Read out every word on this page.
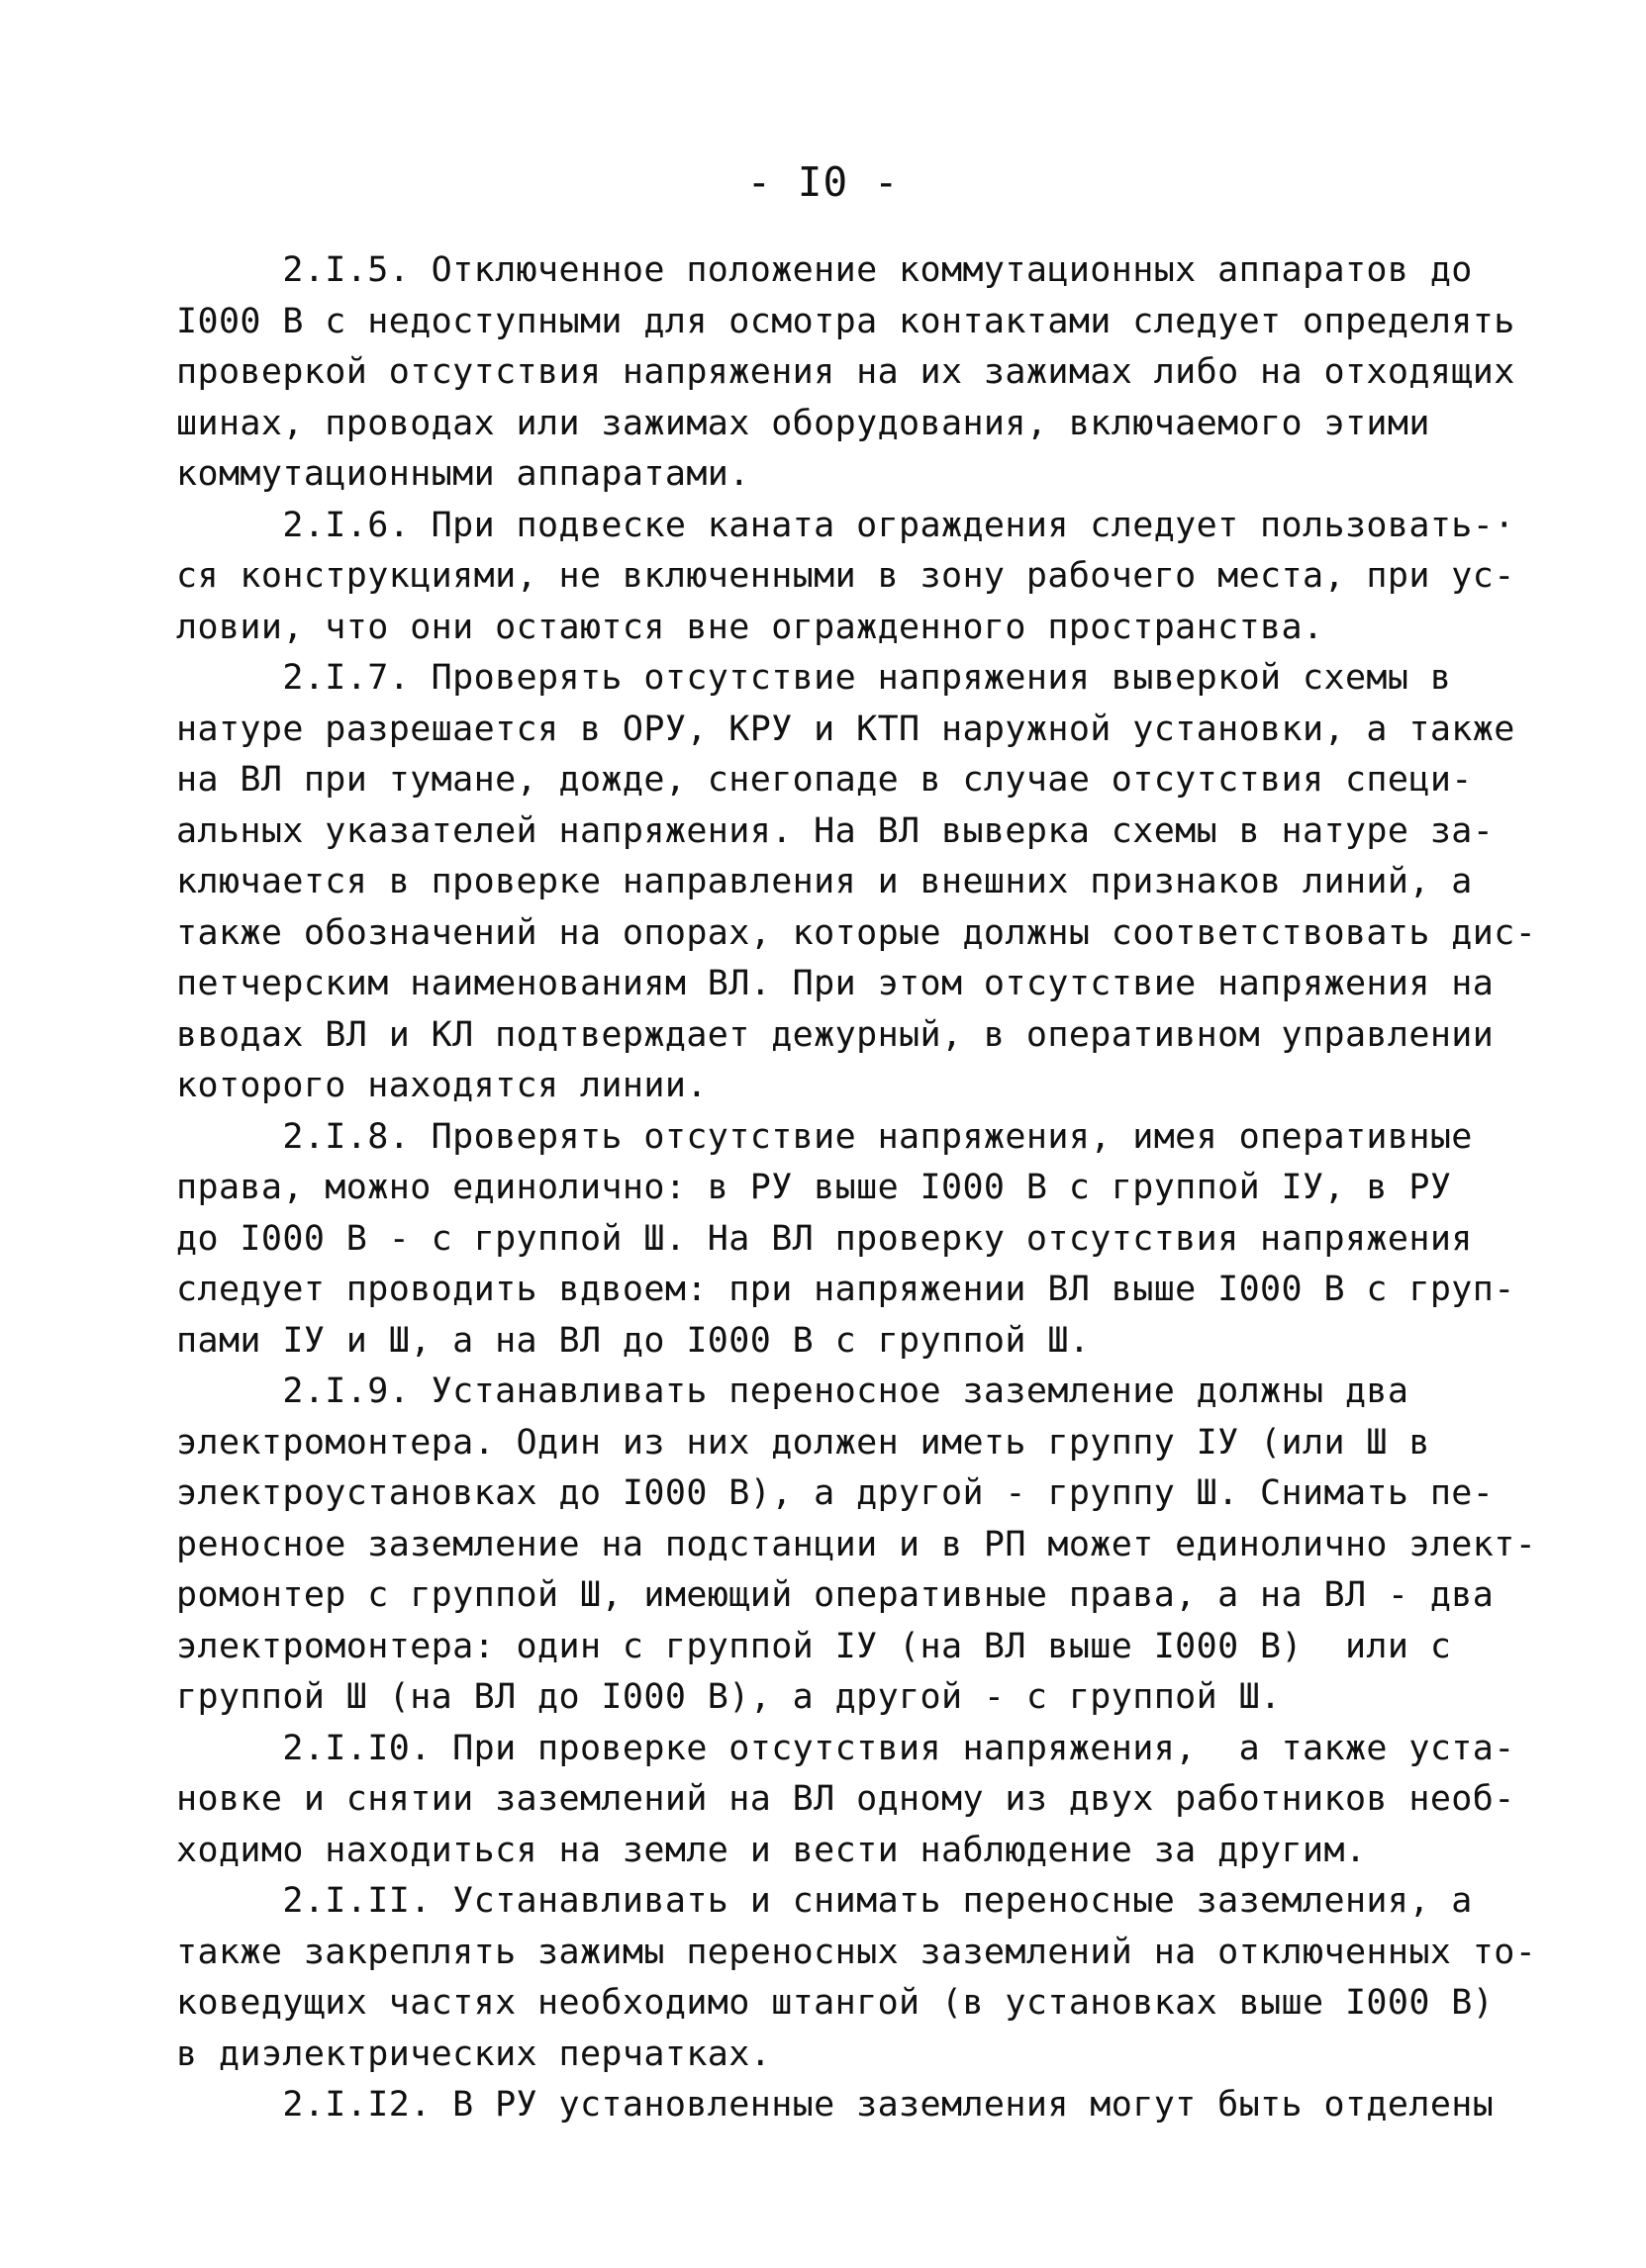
- I0 -
2.I.5. Отключенное положение коммутационных аппаратов до
I000 В с недоступными для осмотра контактами следует определять
проверкой отсутствия напряжения на их зажимах либо на отходящих
шинах, проводах или зажимах оборудования, включаемого этими
коммутационными аппаратами.
2.I.6. При подвеске каната ограждения следует пользовать-·
ся конструкциями, не включенными в зону рабочего места, при ус-
ловии, что они остаются вне огражденного пространства.
2.I.7. Проверять отсутствие напряжения выверкой схемы в
натуре разрешается в ОРУ, КРУ и КТП наружной установки, а также
на ВЛ при тумане, дожде, снегопаде в случае отсутствия специ-
альных указателей напряжения. На ВЛ выверка схемы в натуре за-
ключается в проверке направления и внешних признаков линий, а
также обозначений на опорах, которые должны соответствовать дис-
петчерским наименованиям ВЛ. При этом отсутствие напряжения на
вводах ВЛ и КЛ подтверждает дежурный, в оперативном управлении
которого находятся линии.
2.I.8. Проверять отсутствие напряжения, имея оперативные
права, можно единолично: в РУ выше I000 В с группой IУ, в РУ
до I000 В - с группой Ш. На ВЛ проверку отсутствия напряжения
следует проводить вдвоем: при напряжении ВЛ выше I000 В с груп-
пами IУ и Ш, а на ВЛ до I000 В с группой Ш.
2.I.9. Устанавливать переносное заземление должны два
электромонтера. Один из них должен иметь группу IУ (или Ш в
электроустановках до I000 В), а другой - группу Ш. Снимать пе-
реносное заземление на подстанции и в РП может единолично элект-
ромонтер с группой Ш, имеющий оперативные права, а на ВЛ - два
электромонтера: один с группой IУ (на ВЛ выше I000 В)  или с
группой Ш (на ВЛ до I000 В), а другой - с группой Ш.
2.I.I0. При проверке отсутствия напряжения,  а также уста-
новке и снятии заземлений на ВЛ одному из двух работников необ-
ходимо находиться на земле и вести наблюдение за другим.
2.I.II. Устанавливать и снимать переносные заземления, а
также закреплять зажимы переносных заземлений на отключенных то-
коведущих частях необходимо штангой (в установках выше I000 В)
в диэлектрических перчатках.
2.I.I2. В РУ установленные заземления могут быть отделены
